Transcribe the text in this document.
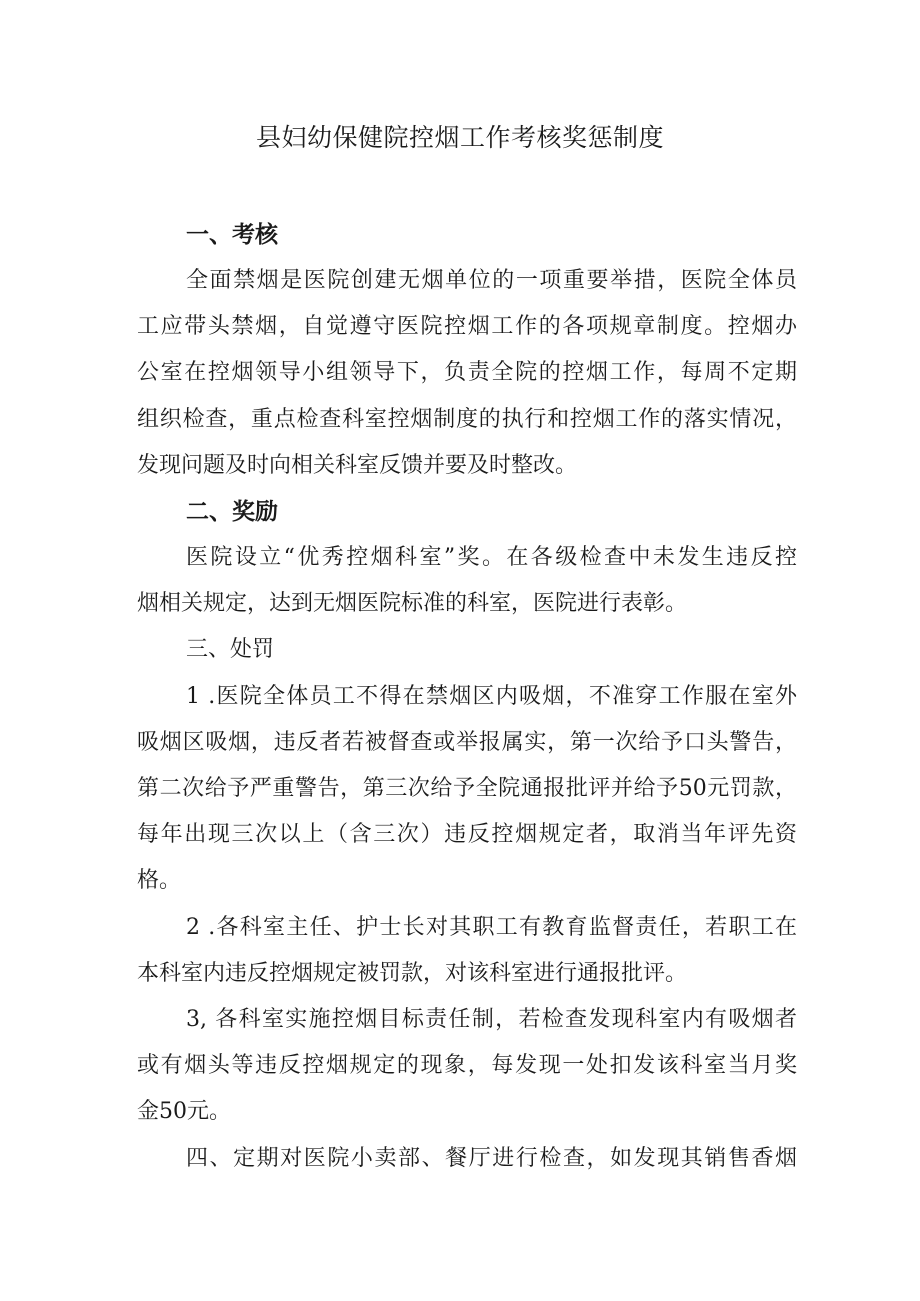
县妇幼保健院控烟工作考核奖惩制度
一、考核
全面禁烟是医院创建无烟单位的一项重要举措，医院全体员
工应带头禁烟，自觉遵守医院控烟工作的各项规章制度。控烟办
公室在控烟领导小组领导下，负责全院的控烟工作，每周不定期
组织检查，重点检查科室控烟制度的执行和控烟工作的落实情况，
发现问题及时向相关科室反馈并要及时整改。
二、奖励
医院设立“优秀控烟科室”奖。在各级检查中未发生违反控
烟相关规定，达到无烟医院标准的科室，医院进行表彰。
三、处罚
1 .医院全体员工不得在禁烟区内吸烟，不准穿工作服在室外
吸烟区吸烟，违反者若被督查或举报属实，第一次给予口头警告，
第二次给予严重警告，第三次给予全院通报批评并给予50元罚款，
每年出现三次以上（含三次）违反控烟规定者，取消当年评先资
格。
2 .各科室主任、护士长对其职工有教育监督责任，若职工在
本科室内违反控烟规定被罚款，对该科室进行通报批评。
3, 各科室实施控烟目标责任制，若检查发现科室内有吸烟者
或有烟头等违反控烟规定的现象，每发现一处扣发该科室当月奖
金50元。
四、定期对医院小卖部、餐厅进行检查，如发现其销售香烟
